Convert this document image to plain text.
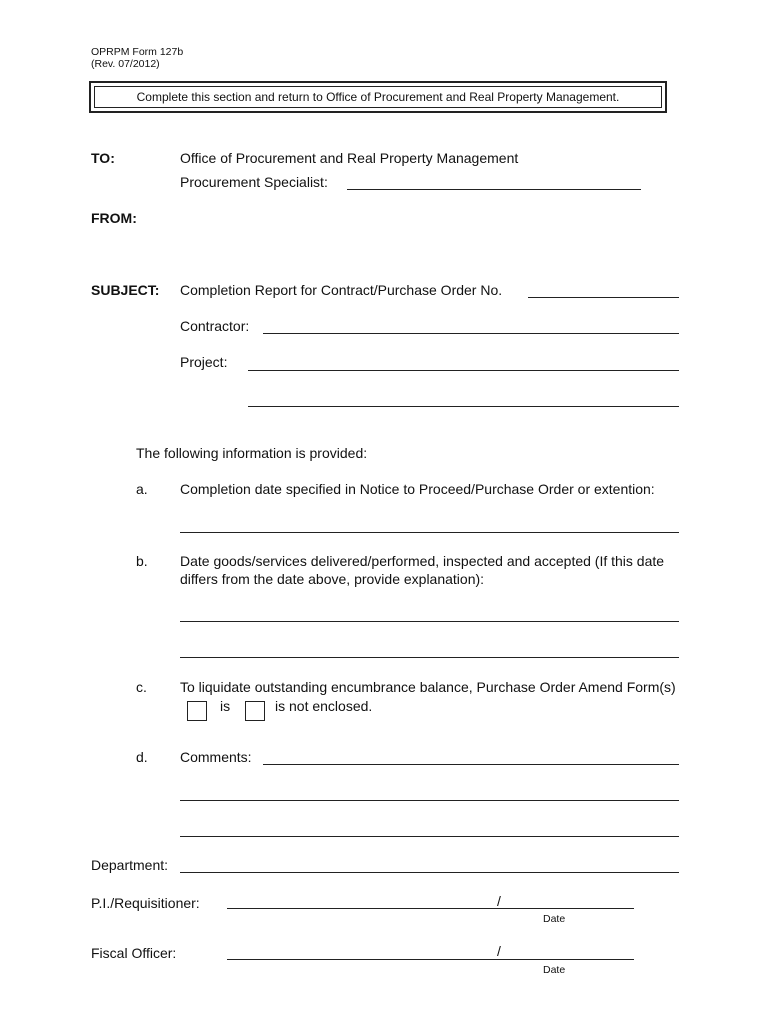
OPRPM Form 127b
(Rev. 07/2012)
Complete this section and return to Office of Procurement and Real Property Management.
TO:	Office of Procurement and Real Property Management
Procurement Specialist:
FROM:
SUBJECT: Completion Report for Contract/Purchase Order No.
Contractor:
Project:
The following information is provided:
a. Completion date specified in Notice to Proceed/Purchase Order or extention:
b. Date goods/services delivered/performed, inspected and accepted (If this date
differs from the date above, provide explanation):
c. To liquidate outstanding encumbrance balance, Purchase Order Amend Form(s)
is	is not enclosed.
d. Comments:
Department:
P.I./Requisitioner:	/
Date
Fiscal Officer:	/
Date
